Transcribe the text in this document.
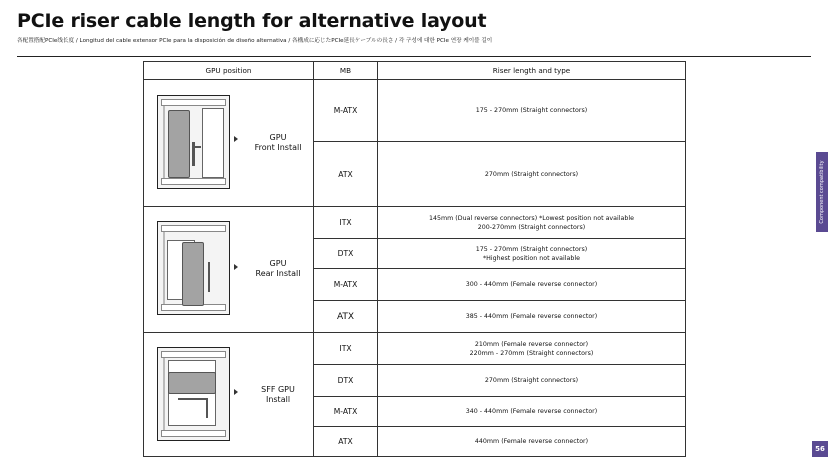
PCIe riser cable length for alternative layout
各配置搭配PCIe线长度 / Longitud del cable extensor PCIe para la disposición de diseño alternativa / 各構成に応じたPCIe延長ケーブルの長さ / 각 구성에 대한 PCIe 연장 케이블 길이
Component compatibility
56
GPU position	MB	Riser length and type

GPU
Front Install	M-ATX	175 - 270mm (Straight connectors)
	ATX	270mm (Straight connectors)

GPU
Rear Install	ITX	145mm (Dual reverse connectors) *Lowest position not available
200-270mm (Straight connectors)
	DTX	175 - 270mm (Straight connectors)
*Highest position not available
	M-ATX	300 - 440mm (Female reverse connector)
	ATX	385 - 440mm (Female reverse connector)

SFF GPU
Install	ITX	210mm (Female reverse connector)
220mm - 270mm (Straight connectors)
	DTX	270mm (Straight connectors)
	M-ATX	340 - 440mm (Female reverse connector)
	ATX	440mm (Female reverse connector)
